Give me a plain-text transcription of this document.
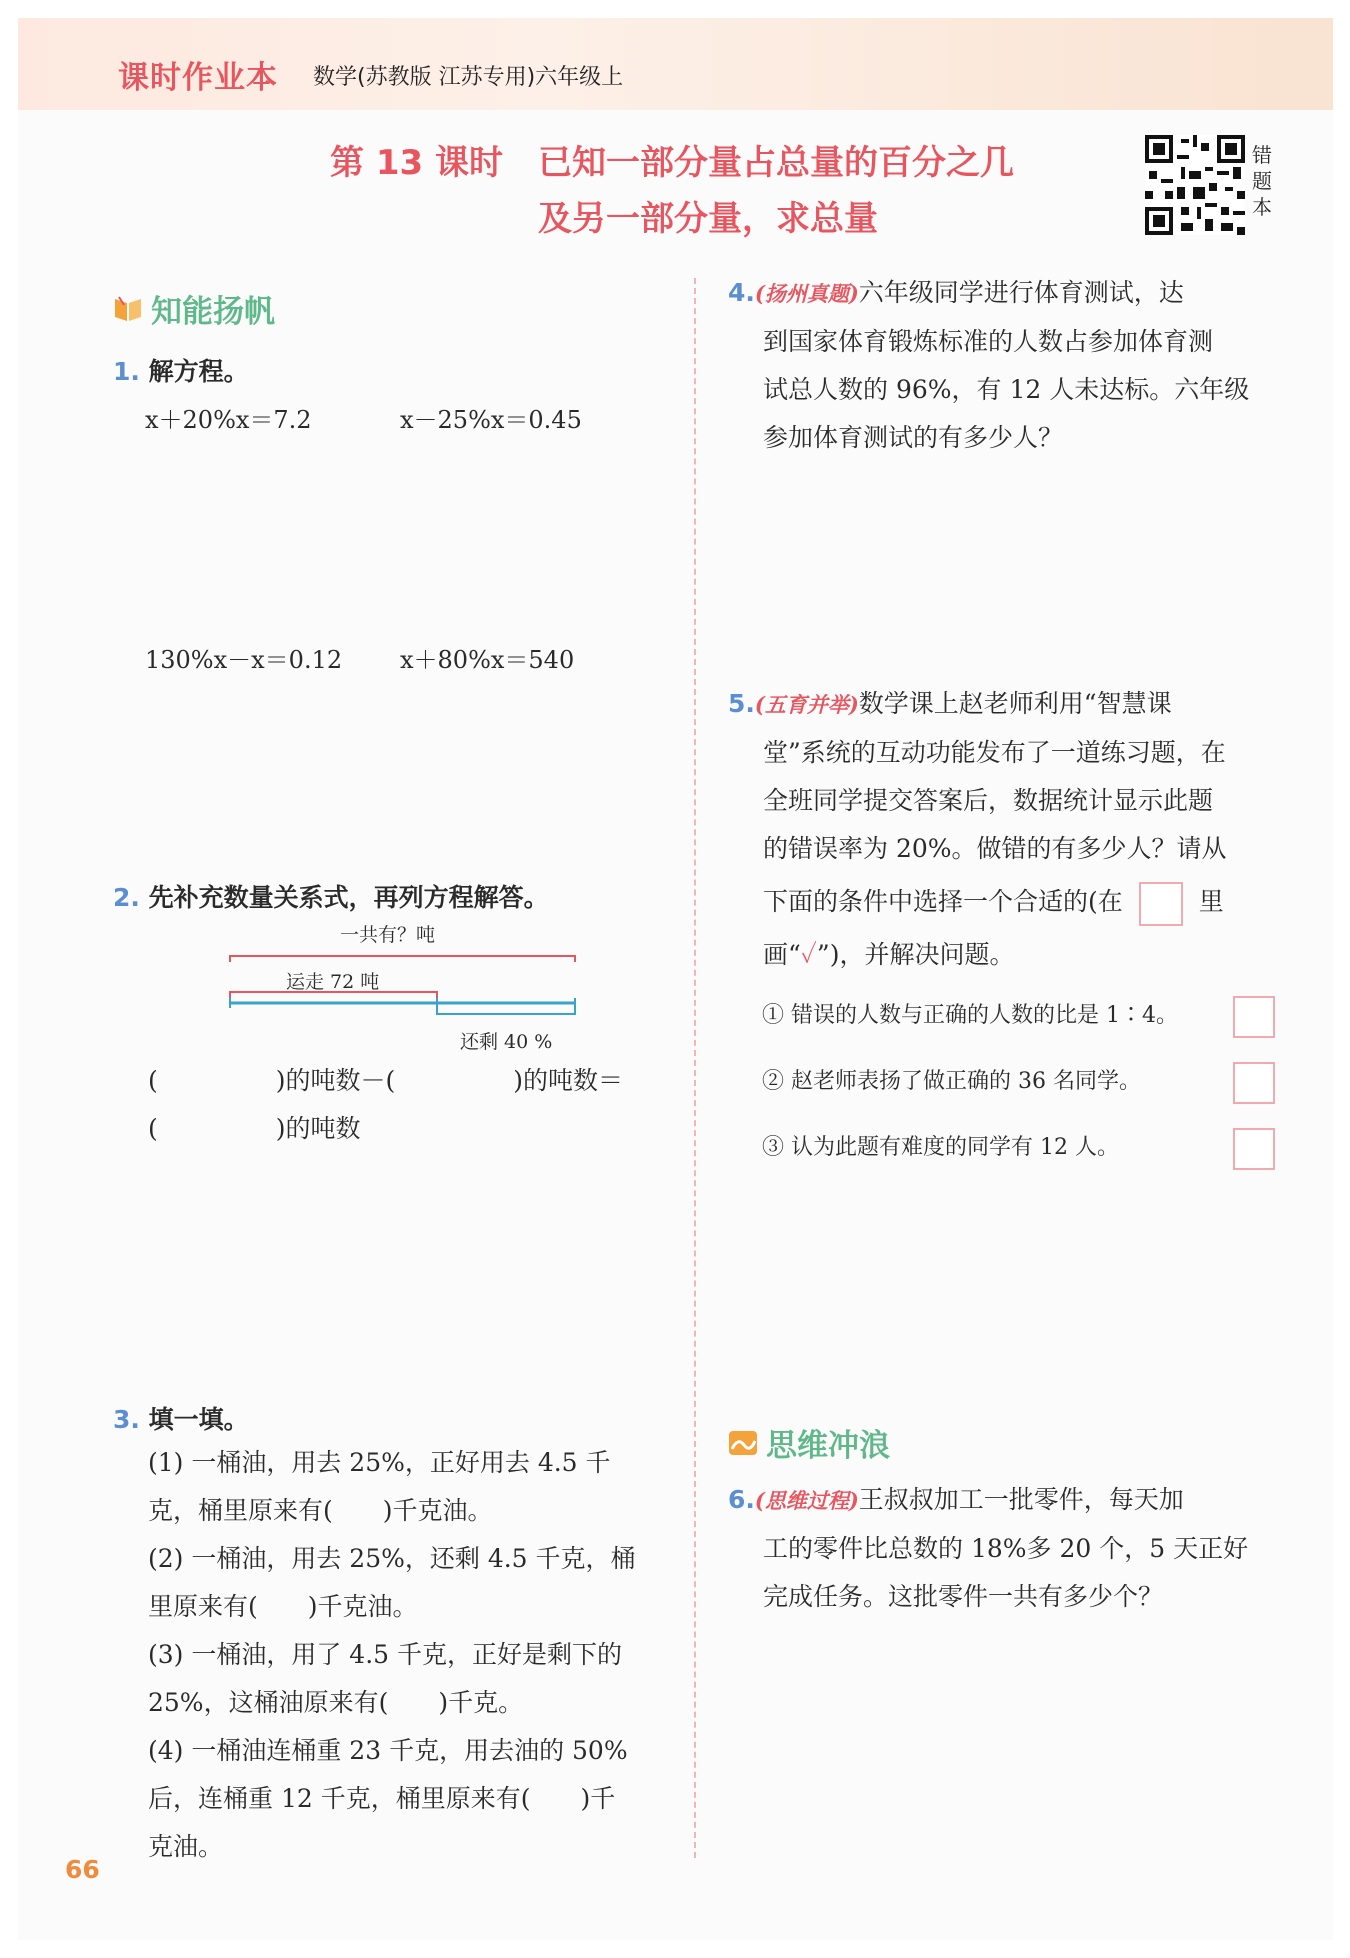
课时作业本 数学(苏教版 江苏专用)六年级上
第 13 课时 已知一部分量占总量的百分之几
及另一部分量，求总量
错题本
知能扬帆
1. 解方程。
x＋20%x＝7.2	x－25%x＝0.45
130%x－x＝0.12 x＋80%x＝540
2. 先补充数量关系式，再列方程解答。
一共有？吨
运走 72 吨
还剩 40 %
(	)的吨数－(	)的吨数＝
(	)的吨数
3. 填一填。
(1) 一桶油，用去 25%，正好用去 4.5 千
克，桶里原来有(　　)千克油。
(2) 一桶油，用去 25%，还剩 4.5 千克，桶
里原来有(　　)千克油。
(3) 一桶油，用了 4.5 千克，正好是剩下的
25%，这桶油原来有(　　)千克。
(4) 一桶油连桶重 23 千克，用去油的 50%
后，连桶重 12 千克，桶里原来有(　　)千
克油。
66
4.(扬州真题)六年级同学进行体育测试，达
到国家体育锻炼标准的人数占参加体育测
试总人数的 96%，有 12 人未达标。六年级
参加体育测试的有多少人？
5.(五育并举)数学课上赵老师利用“智慧课
堂”系统的互动功能发布了一道练习题，在
全班同学提交答案后，数据统计显示此题
的错误率为 20%。做错的有多少人？请从
下面的条件中选择一个合适的(在	里
画“✓”)，并解决问题。
① 错误的人数与正确的人数的比是 1∶4。
② 赵老师表扬了做正确的 36 名同学。
③ 认为此题有难度的同学有 12 人。
思维冲浪
6.(思维过程)王叔叔加工一批零件，每天加
工的零件比总数的 18%多 20 个，5 天正好
完成任务。这批零件一共有多少个？
